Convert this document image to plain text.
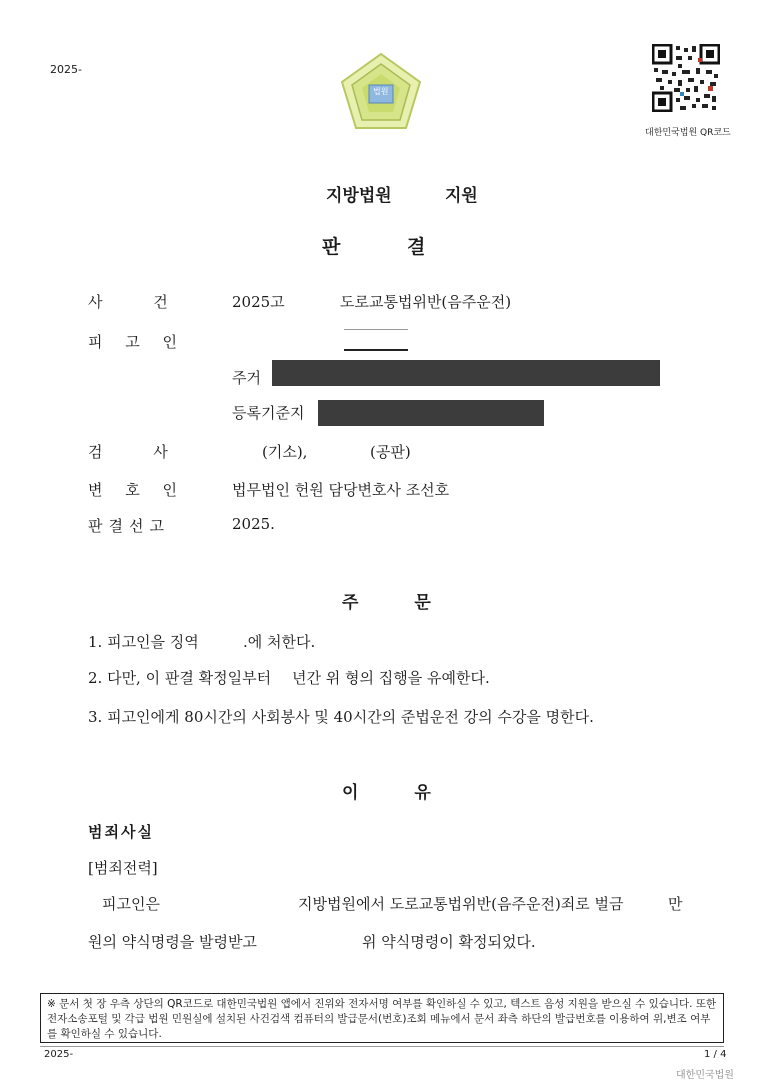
2025-
법원
대한민국법원 QR코드
지방법원	지원
판 결
사 건	2025고	도로교통법위반(음주운전)
피 고 인
주거
등록기준지
검 사	(기소),	(공판)
변 호 인	법무법인 헌원 담당변호사 조선호
판결선고	2025.
주 문
1. 피고인을 징역	.에 처한다.
2. 다만, 이 판결 확정일부터 년간 위 형의 집행을 유예한다.
3. 피고인에게 80시간의 사회봉사 및 40시간의 준법운전 강의 수강을 명한다.
이 유
범죄사실
[범죄전력]
피고인은	지방법원에서 도로교통법위반(음주운전)죄로 벌금	만
원의 약식명령을 발령받고	위 약식명령이 확정되었다.
※ 문서 첫 장 우측 상단의 QR코드로 대한민국법원 앱에서 진위와 전자서명 여부를 확인하실 수 있고, 텍스트 음성 지원을 받으실 수 있습니다. 또한 전자소송포털 및 각급 법원 민원실에 설치된 사건검색 컴퓨터의 발급문서(번호)조회 메뉴에서 문서 좌측 하단의 발급번호를 이용하여 위,변조 여부를 확인하실 수 있습니다.
2025-	1 / 4
대한민국법원
